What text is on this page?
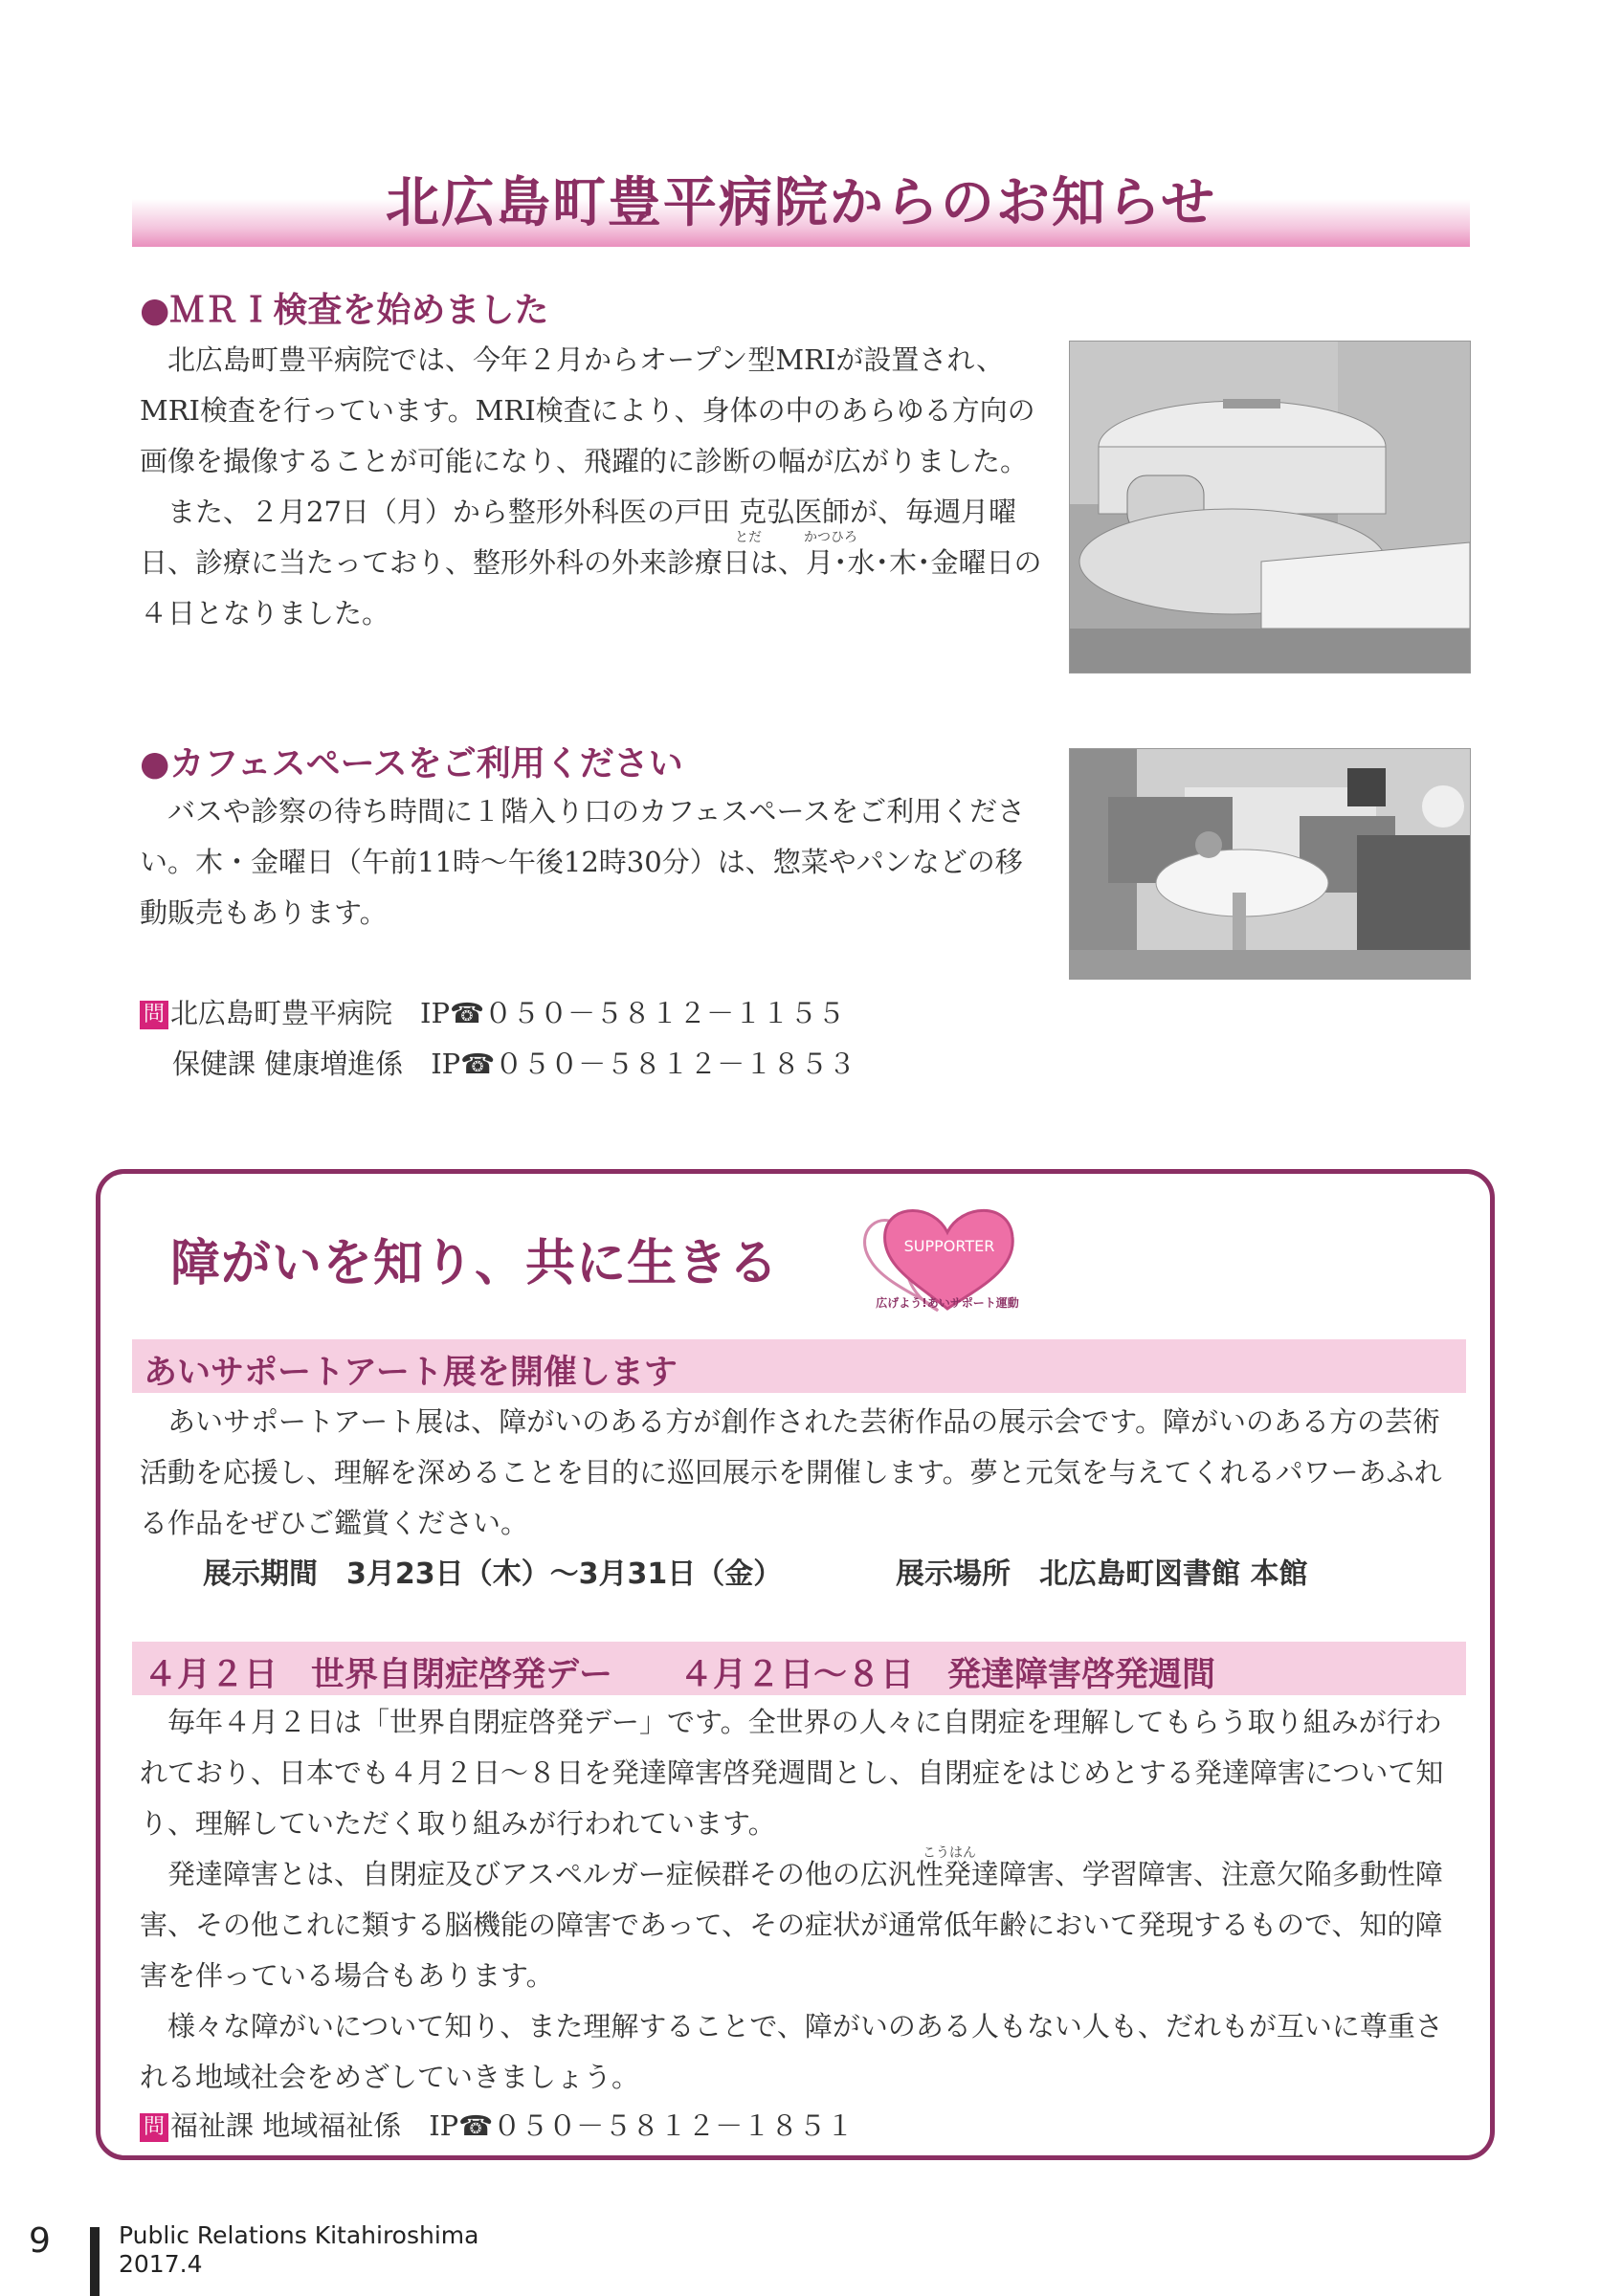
北広島町豊平病院からのお知らせ
●ＭＲＩ検査を始めました
　北広島町豊平病院では、今年２月からオープン型MRIが設置され、MRI検査を行っています。MRI検査により、身体の中のあらゆる方向の画像を撮像することが可能になり、飛躍的に診断の幅が広がりました。
　また、２月27日（月）から整形外科医の戸田 克弘医師が、毎週月曜日、診療に当たっており、整形外科の外来診療日は、月･水･木･金曜日の４日となりました。
とだ	かつひろ
●カフェスペースをご利用ください
　バスや診察の待ち時間に１階入り口のカフェスペースをご利用ください。木・金曜日（午前11時～午後12時30分）は、惣菜やパンなどの移動販売もあります。
問 北広島町豊平病院　IP☎０５０－５８１２－１１５５
保健課 健康増進係　IP☎０５０－５８１２－１８５３
障がいを知り、共に生きる	SUPPORTER
広げよう!あいサポート運動
あいサポートアート展を開催します
　あいサポートアート展は、障がいのある方が創作された芸術作品の展示会です。障がいのある方の芸術活動を応援し、理解を深めることを目的に巡回展示を開催します。夢と元気を与えてくれるパワーあふれる作品をぜひご鑑賞ください。
展示期間　 3月23日（木）～3月31日（金）	展示場所　 北広島町図書館 本館
４月２日　世界自閉症啓発デー　　４月２日～８日　発達障害啓発週間
　毎年４月２日は「世界自閉症啓発デー」です。全世界の人々に自閉症を理解してもらう取り組みが行われており、日本でも４月２日～８日を発達障害啓発週間とし、自閉症をはじめとする発達障害について知り、理解していただく取り組みが行われています。
　発達障害とは、自閉症及びアスペルガー症候群その他の広汎性発達障害、学習障害、注意欠陥多動性障害、その他これに類する脳機能の障害であって、その症状が通常低年齢において発現するもので、知的障害を伴っている場合もあります。
　様々な障がいについて知り、また理解することで、障がいのある人もない人も、だれもが互いに尊重される地域社会をめざしていきましょう。
こうはん
問 福祉課 地域福祉係　IP☎０５０－５８１２－１８５１
9	Public Relations Kitahiroshima
2017.4
